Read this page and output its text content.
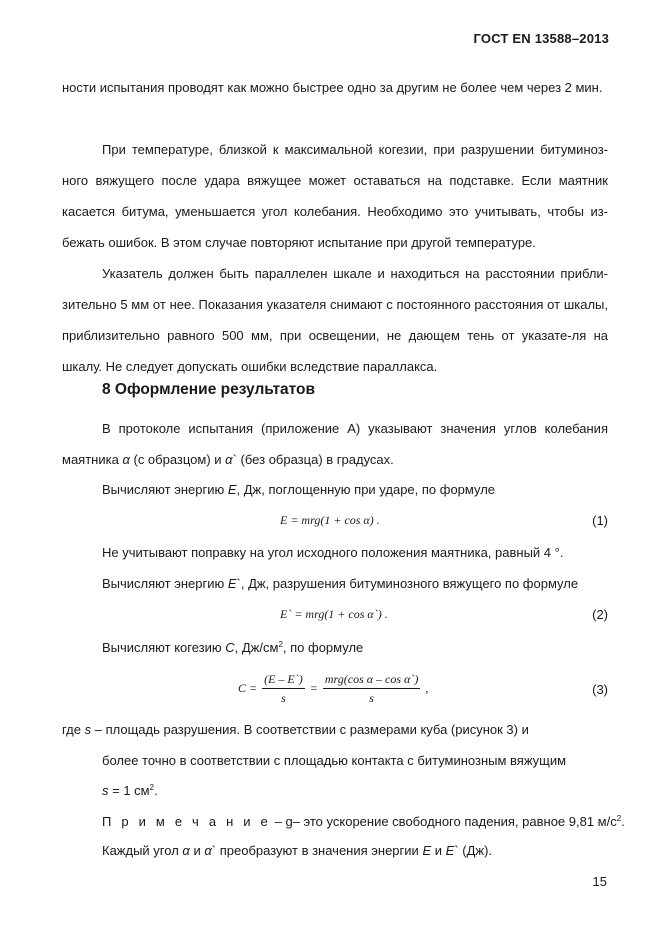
ГОСТ EN 13588–2013

ности испытания проводят как можно быстрее одно за другим не более чем через 2 мин.

При температуре, близкой к максимальной когезии, при разрушении битуминоз-ного вяжущего после удара вяжущее может оставаться на подставке. Если маятник касается битума, уменьшается угол колебания. Необходимо это учитывать, чтобы из-бежать ошибок. В этом случае повторяют испытание при другой температуре.

Указатель должен быть параллелен шкале и находиться на расстоянии прибли-зительно 5 мм от нее. Показания указателя снимают с постоянного расстояния от шкалы, приблизительно равного 500 мм, при освещении, не дающем тень от указате-ля на шкалу. Не следует допускать ошибки вследствие параллакса.

8 Оформление результатов

В протоколе испытания (приложение А) указывают значения углов колебания маятника α (с образцом) и α` (без образца) в градусах.

Вычисляют энергию E, Дж, поглощенную при ударе, по формуле
E = mrg(1 + cos α) .	(1)
Не учитывают поправку на угол исходного положения маятника, равный 4 °.
Вычисляют энергию E`, Дж, разрушения битуминозного вяжущего по формуле
E` = mrg(1 + cos α`) .	(2)
Вычисляют когезию C, $Дж/см^2$, по формуле
$C = \frac{(E - E`)}{s} = \frac{\text{mrg(cos α – cos α`)}}{s}$ ,	(3)
где s – площадь разрушения. В соответствии с размерами куба (рисунок 3) и
более точно в соответствии с площадью контакта с битуминозным вяжущим
s = 1 $см^2$.
П р и м е ч а н и е – g– это ускорение свободного падения, равное 9,81 $м/с^2$.
Каждый угол α и α` преобразуют в значения энергии E и E` (Дж).
15
